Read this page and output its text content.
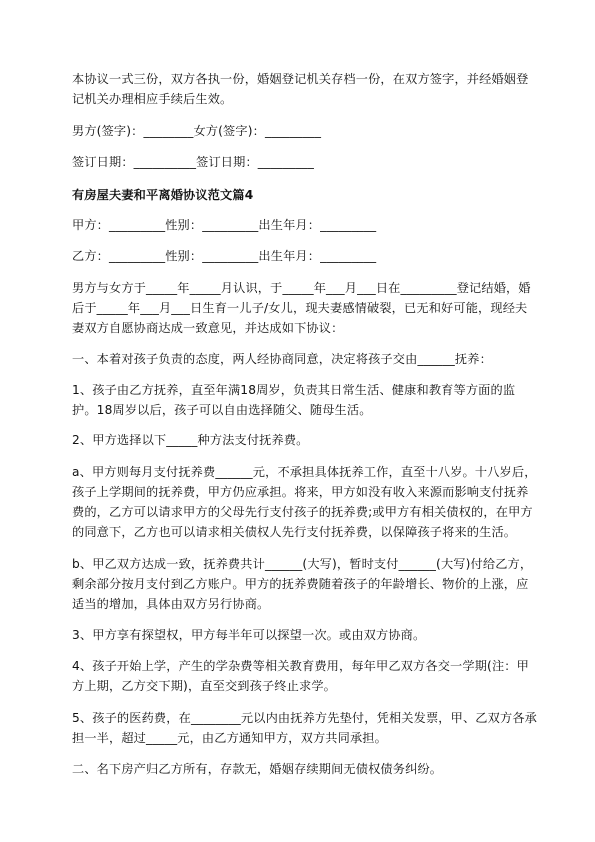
本协议一式三份，双方各执一份，婚姻登记机关存档一份，在双方签字，并经婚姻登

记机关办理相应手续后生效。

男方(签字)：________女方(签字)：_________

签订日期：__________签订日期：_________

有房屋夫妻和平离婚协议范文篇4

甲方：_________性别：_________出生年月：_________

乙方：_________性别：_________出生年月：_________

男方与女方于_____年_____月认识，于_____年___月___日在_________登记结婚，婚

后于_____年___月___日生育一儿子/女儿，现夫妻感情破裂，已无和好可能，现经夫

妻双方自愿协商达成一致意见，并达成如下协议：

一、本着对孩子负责的态度，两人经协商同意，决定将孩子交由______抚养：

1、孩子由乙方抚养，直至年满18周岁，负责其日常生活、健康和教育等方面的监

护。18周岁以后，孩子可以自由选择随父、随母生活。

2、甲方选择以下_____种方法支付抚养费。

a、甲方则每月支付抚养费______元，不承担具体抚养工作，直至十八岁。十八岁后，

孩子上学期间的抚养费，甲方仍应承担。将来，甲方如没有收入来源而影响支付抚养

费的，乙方可以请求甲方的父母先行支付孩子的抚养费;或甲方有相关债权的，在甲方

的同意下，乙方也可以请求相关债权人先行支付抚养费，以保障孩子将来的生活。

b、甲乙双方达成一致，抚养费共计______(大写)，暂时支付______(大写)付给乙方，

剩余部分按月支付到乙方账户。甲方的抚养费随着孩子的年龄增长、物价的上涨，应

适当的增加，具体由双方另行协商。

3、甲方享有探望权，甲方每半年可以探望一次。或由双方协商。

4、孩子开始上学，产生的学杂费等相关教育费用，每年甲乙双方各交一学期(注：甲

方上期，乙方交下期)，直至交到孩子终止求学。

5、孩子的医药费，在________元以内由抚养方先垫付，凭相关发票，甲、乙双方各承

担一半，超过_____元，由乙方通知甲方，双方共同承担。

二、名下房产归乙方所有，存款无，婚姻存续期间无债权债务纠纷。
